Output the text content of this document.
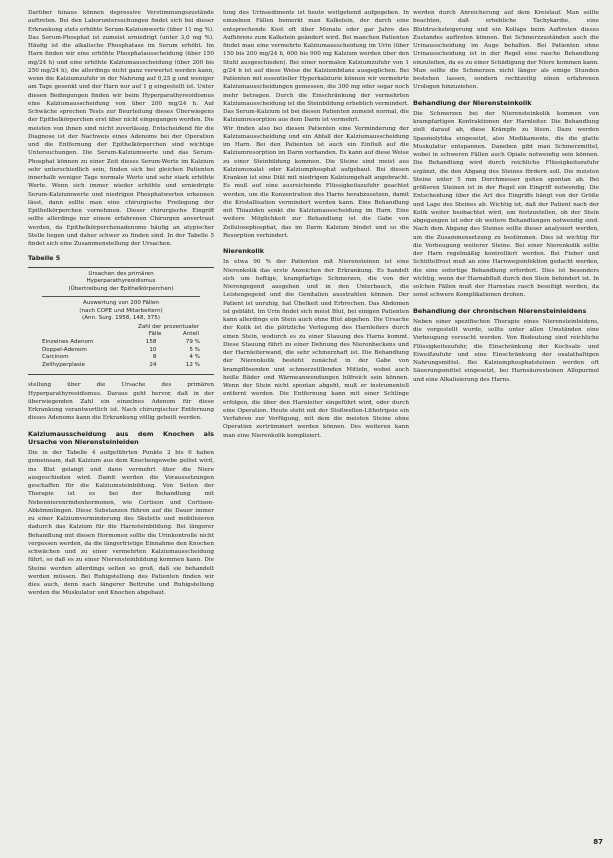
Darüber hinaus können depressive Verstimmungszustände auftreten. Bei den Laboruntersuchungen findet sich bei dieser Erkrankung stets erhöhte Serum-Kalziumwerte (über 11 mg %). Das Serum-Phosphat ist zumeist erniedrigt (unter 3,0 mg %). Häufig ist die alkalische Phosphatase im Serum erhöht. Im Harn finden wir eine erhöhte Phosphatausscheidung (über 150 mg/24 h) und eine erhöhte Kalziumausscheidung (über 200 bis 250 mg/24 h), die allerdings nicht ganz verwertet werden kann, wenn die Kalziumzufuhr in der Nahrung auf 0,25 g und weniger am Tage gesenkt und der Harn nur auf 1 g eingestellt ist. Unter diesen Bedingungen finden wir beim Hyperparathyreoidismus eine Kalziumausscheidung von über 200 mg/24 h. Auf Schwäche sprechen Tests zur Beurteilung dieses Überwiegens der Epithelkörperchen erst über nicht eingegangen werden. Die meisten von ihnen sind nicht zuverlässig. Entscheidend für die Diagnose ist der Nachweis eines Adenoms bei der Operation und die Entfernung der Epithelkörperchen sind wichtige Untersuchungen. Die Serum-Kalziumwerte und das Serum-Phosphat können zu einer Zeit dieses Serum-Werte im Kalzium sehr unterschiedlich sein, finden sich bei gleichen Patienten innerhalb weniger Tage normale Werte und sehr stark erhöhte Werte. Wenn sich immer wieder erhöhte und erniedrigte Serum-Kalziumwerte und niedrigen Phosphatwerten erkennen lässt, dann sollte man eine chirurgische Freilegung der Epithelkörperchen vornehmen. Dieser chirurgische Eingriff sollte allerdings nur einem erfahrenen Chirurgen anvertraut werden, da Epithelkörperchenadenome häufig an atypischer Stelle liegen und daher schwer zu finden sind. In der Tabelle 5 findet sich eine Zusammenstellung der Ursachen.

Tabelle 5
Ursachen des primären
Hyperparathyreoidismus
(Übertreibung der Epithelkörperchen)
Auswertung von 200 Fällen
(nach COPE und Mitarbeitern)
(Ann. Surg. 1958, 148, 375)
	Zahl der Fälle	prozentualer Anteil
Einzelnes Adenom	158	79 %
Doppel-Adenom	10	5 %
Carcinom	8	4 %
Zellhyperplasie	24	12 %

stellung über die Ursache des primären Hyperparathyreoidismus. Daraus geht hervor, daß in der überwiegenden Zahl ein einzelnes Adenom für diese Erkrankung verantwortlich ist. Nach chirurgischer Entfernung dieses Adenoms kann die Erkrankung völlig geheilt werden.

Kalziumausscheidung aus dem Knochen als Ursache von Nierensteinleiden

Die in der Tabelle 4 aufgeführten Punkte 2 bis 6 haben gemeinsam, daß Kalzium aus dem Knochengewebe gelöst wird, ins Blut gelangt und dann vermehrt über die Niere ausgeschieden wird. Damit werden die Voraussetzungen geschaffen für die Kalziumsteinbildung. Von Seiten der Therapie ist es bei der Behandlung mit Nebennierenrindenhormonen, wie Cortison und Cortison-Abkömmlingen. Diese Substanzen führen auf die Dauer immer zu einer Kalziumverminderung des Skeletts und mobilisieren dadurch das Kalzium für die Harnsteinbildung. Bei längerer Behandlung mit diesen Hormonen sollte die Urinkontrolle nicht vergessen werden, da die längerfristige Einnahme den Knochen schwächen und zu einer vermehrten Kalziumausscheidung führt, so daß es zu einer Nierensteinbildung kommen kann. Die Steine werden allerdings selten so groß, daß sie behandelt werden müssen. Bei Ruhigstellung des Patienten finden wir dies auch, denn nach längerer Bettruhe und Ruhigstellung werden die Muskulatur und Knochen abgebaut.

lung des Urinsediments ist heute weitgehend aufgegeben. In einzelnen Fällen bemerkt man Kalkstein, der durch eine entsprechende Kost oft über Monate oder gar Jahre des Aufhörens zum Kalkstein geändert wird. Bei manchen Patienten findet man eine vermehrte Kalziumausscheidung im Urin (über 150 bis 200 mg/24 h, 600 bis 900 mg Kalzium werden über den Stuhl ausgeschieden). Bei einer normalen Kalziumzufuhr von 1 g/24 h ist auf diese Weise die Kalziumbilanz ausgeglichen. Bei Patienten mit essentieller Hyperkalziurie können wir vermehrte Kalziumausscheidungen gemessen, die 300 mg oder sogar noch mehr betragen. Durch die Einschränkung der vermehrten Kalziumausscheidung ist die Steinbildung erheblich vermindert. Das Serum-Kalzium ist bei diesen Patienten zumeist normal, die Kalziumresorption aus dem Darm ist vermehrt.

Wir finden also bei diesen Patienten eine Verminderung der Kalziumausscheidung und ein Abfall der Kalziumausscheidung im Harn. Bei den Patienten ist auch ein Einfluß auf die Kalziumresorption im Darm vorhanden. Es kann auf diese Weise zu einer Steinbildung kommen. Die Steine sind meist aus Kalziumoxalat oder Kalziumphosphat aufgebaut. Bei diesen Kranken ist eine Diät mit niedrigem Kalziumgehalt angebracht. Es muß auf eine ausreichende Flüssigkeitszufuhr geachtet werden, um die Konzentration des Harns herabzusetzen, damit die Kristallisation vermindert werden kann. Eine Behandlung mit Thiaziden senkt die Kalziumausscheidung im Harn. Eine weitere Möglichkeit zur Behandlung ist die Gabe von Zellulosephosphat, das im Darm Kalzium bindet und so die Resorption verhindert.

Nierenkolik

In etwa 90 % der Patienten mit Nierensteinen ist eine Nierenkolik das erste Anzeichen der Erkrankung. Es handelt sich um heftige, krampfartige Schmerzen, die von der Nierengegend ausgehen und in den Unterbauch, die Leistengegend und die Genitalien ausstrahlen können. Der Patient ist unruhig, hat Übelkeit und Erbrechen. Das Abdomen ist gebläht. Im Urin findet sich meist Blut, bei einigen Patienten kann allerdings ein Stein auch ohne Blut abgehen. Die Ursache der Kolik ist die plötzliche Verlegung des Harnleiters durch einen Stein, wodurch es zu einer Stauung des Harns kommt. Diese Stauung führt zu einer Dehnung des Nierenbeckens und der Harnleiterwand, die sehr schmerzhaft ist. Die Behandlung der Nierenkolik besteht zunächst in der Gabe von krampflösenden und schmerzstillenden Mitteln, wobei auch heiße Bäder und Wärmeanwendungen hilfreich sein können. Wenn der Stein nicht spontan abgeht, muß er instrumentell entfernt werden. Die Entfernung kann mit einer Schlinge erfolgen, die über den Harnleiter eingeführt wird, oder durch eine Operation. Heute steht mit der Stoßwellen-Lithotripsie ein Verfahren zur Verfügung, mit dem die meisten Steine ohne Operation zertrümmert werden können. Des weiteren kann man eine Nierenkolik kompliziert.

werden durch Anreicherung auf dem Kreislauf. Man sollte beachten, daß erhebliche Tachykardie, eine Blutdrucksteigerung und ein Kollaps beim Auftreten dieses Zustandes auftreten können. Bei Schmerzzuständen auch die Urinausscheidung im Auge behalten. Bei Patienten ohne Urinausscheidung ist in der Regel eine rasche Behandlung einzuleiten, da es zu einer Schädigung der Niere kommen kann. Man sollte die Schmerzen nicht länger als einige Stunden bestehen lassen, sondern rechtzeitig einen erfahrenen Urologen hinzuziehen.

Behandlung der Nierensteinkolik

Die Schmerzen bei der Nierensteinkolik kommen von krampfartigen Kontraktionen der Harnleiter. Die Behandlung zielt darauf ab, diese Krämpfe zu lösen. Dazu werden Spasmolytika eingesetzt, also Medikamente, die die glatte Muskulatur entspannen. Daneben gibt man Schmerzmittel, wobei in schweren Fällen auch Opiate notwendig sein können. Die Behandlung wird durch reichliche Flüssigkeitszufuhr ergänzt, die den Abgang des Steines fördern soll. Die meisten Steine unter 5 mm Durchmesser gehen spontan ab. Bei größeren Steinen ist in der Regel ein Eingriff notwendig. Die Entscheidung über die Art des Eingriffs hängt von der Größe und Lage des Steines ab. Wichtig ist, daß der Patient nach der Kolik weiter beobachtet wird, um festzustellen, ob der Stein abgegangen ist oder ob weitere Behandlungen notwendig sind. Nach dem Abgang des Steines sollte dieser analysiert werden, um die Zusammensetzung zu bestimmen. Dies ist wichtig für die Vorbeugung weiterer Steine. Bei einer Nierenkolik sollte der Harn regelmäßig kontrolliert werden. Bei Fieber und Schüttelfrost muß an eine Harnwegsinfektion gedacht werden, die eine sofortige Behandlung erfordert. Dies ist besonders wichtig, wenn der Harnabfluß durch den Stein behindert ist. In solchen Fällen muß der Harnstau rasch beseitigt werden, da sonst schwere Komplikationen drohen.

Behandlung der chronischen Nierensteinleidens

Neben einer spezifischen Therapie eines Nierensteinleidens, die vorgestellt wurde, sollte unter allen Umständen eine Vorbeugung versucht werden. Von Bedeutung sind reichliche Flüssigkeitszufuhr, die Einschränkung der Kochsalz- und Eiweißzufuhr und eine Einschränkung der oxalathaltigen Nahrungsmittel. Bei Kalziumphosphatsteinen werden oft Säuerungsmittel eingesetzt, bei Harnsäuresteinen Allopurinol und eine Alkalisierung des Harns.

87
